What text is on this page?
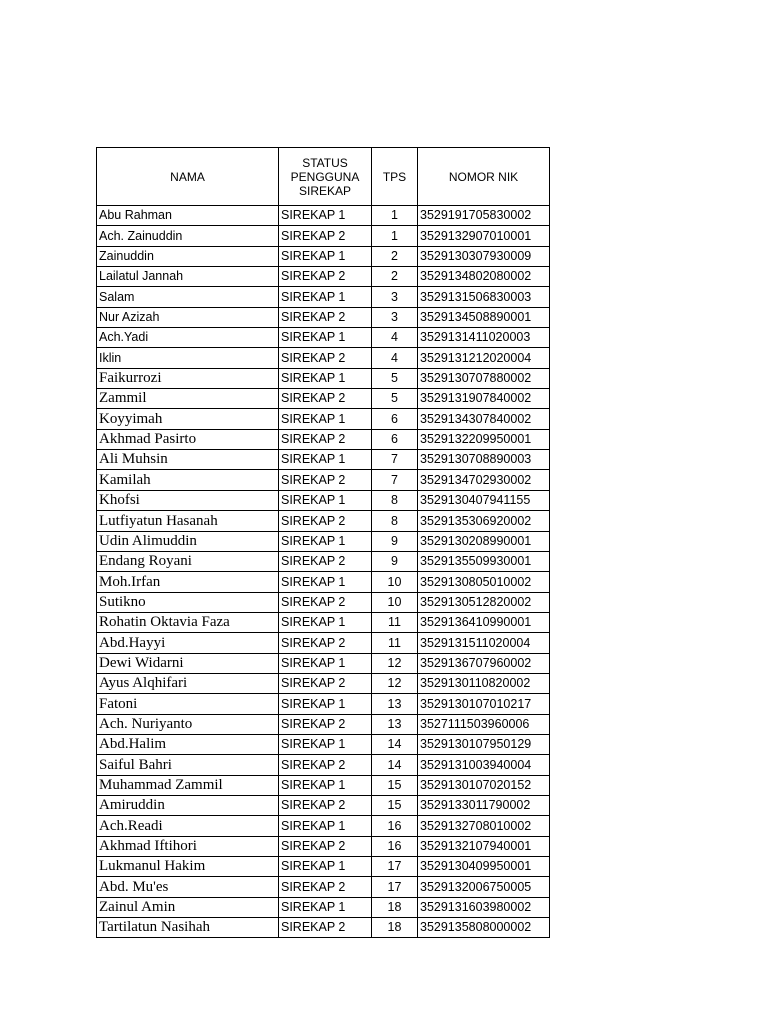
NAMA	STATUS PENGGUNA SIREKAP	TPS	NOMOR NIK
Abu Rahman	SIREKAP 1	1	3529191705830002
Ach. Zainuddin	SIREKAP 2	1	3529132907010001
Zainuddin	SIREKAP 1	2	3529130307930009
Lailatul Jannah	SIREKAP 2	2	3529134802080002
Salam	SIREKAP 1	3	3529131506830003
Nur Azizah	SIREKAP 2	3	3529134508890001
Ach.Yadi	SIREKAP 1	4	3529131411020003
Iklin	SIREKAP 2	4	3529131212020004
Faikurrozi	SIREKAP 1	5	3529130707880002
Zammil	SIREKAP 2	5	3529131907840002
Koyyimah	SIREKAP 1	6	3529134307840002
Akhmad Pasirto	SIREKAP 2	6	3529132209950001
Ali Muhsin	SIREKAP 1	7	3529130708890003
Kamilah	SIREKAP 2	7	3529134702930002
Khofsi	SIREKAP 1	8	3529130407941155
Lutfiyatun Hasanah	SIREKAP 2	8	3529135306920002
Udin Alimuddin	SIREKAP 1	9	3529130208990001
Endang Royani	SIREKAP 2	9	3529135509930001
Moh.Irfan	SIREKAP 1	10	3529130805010002
Sutikno	SIREKAP 2	10	3529130512820002
Rohatin Oktavia Faza	SIREKAP 1	11	3529136410990001
Abd.Hayyi	SIREKAP 2	11	3529131511020004
Dewi Widarni	SIREKAP 1	12	3529136707960002
Ayus Alqhifari	SIREKAP 2	12	3529130110820002
Fatoni	SIREKAP 1	13	3529130107010217
Ach. Nuriyanto	SIREKAP 2	13	3527111503960006
Abd.Halim	SIREKAP 1	14	3529130107950129
Saiful Bahri	SIREKAP 2	14	3529131003940004
Muhammad Zammil	SIREKAP 1	15	3529130107020152
Amiruddin	SIREKAP 2	15	3529133011790002
Ach.Readi	SIREKAP 1	16	3529132708010002
Akhmad Iftihori	SIREKAP 2	16	3529132107940001
Lukmanul Hakim	SIREKAP 1	17	3529130409950001
Abd. Mu'es	SIREKAP 2	17	3529132006750005
Zainul Amin	SIREKAP 1	18	3529131603980002
Tartilatun Nasihah	SIREKAP 2	18	3529135808000002
